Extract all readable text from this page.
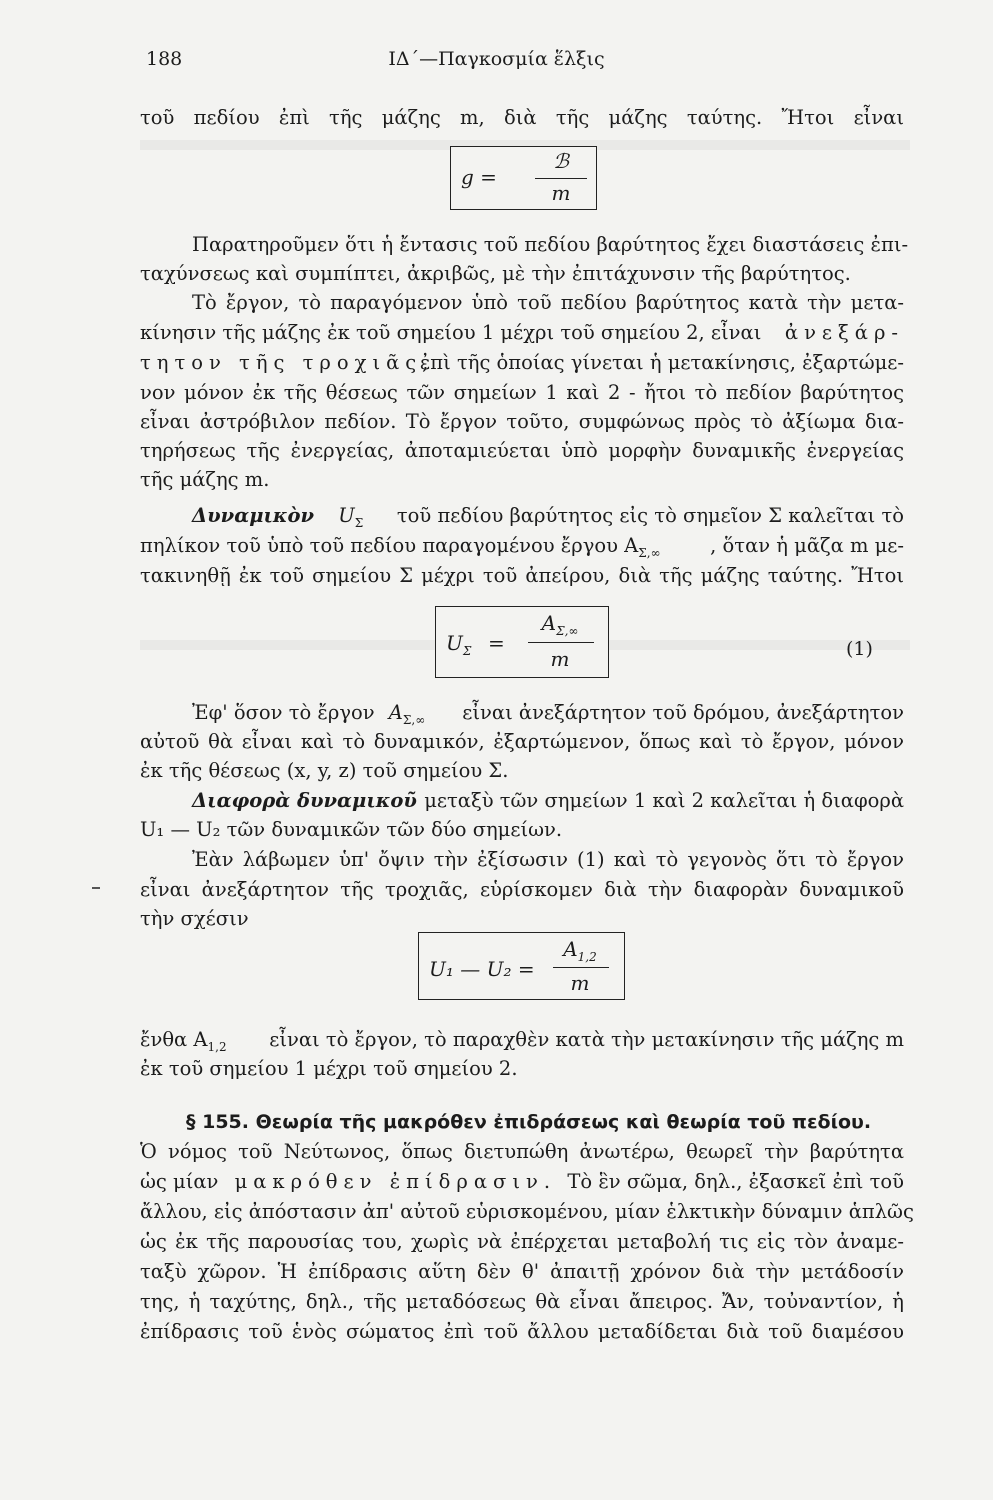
188	ΙΔ΄—Παγκοσμία ἕλξις
τοῦ πεδίου ἐπὶ τῆς μάζης m, διὰ τῆς μάζης ταύτης. Ἤτοι εἶναι
g =
ℬ
m
Παρατηροῦμεν ὅτι ἡ ἔντασις τοῦ πεδίου βαρύτητος ἔχει διαστάσεις ἐπι-
ταχύνσεως καὶ συμπίπτει, ἀκριβῶς, μὲ τὴν ἐπιτάχυνσιν τῆς βαρύτητος.
Τὸ ἔργον, τὸ παραγόμενον ὑπὸ τοῦ πεδίου βαρύτητος κατὰ τὴν μετα-
κίνησιν τῆς μάζης ἐκ τοῦ σημείου 1 μέχρι τοῦ σημείου 2, εἶναι ἀνεξάρ-
τητον τῆς τροχιᾶς,
ἐπὶ τῆς ὁποίας γίνεται ἡ μετακίνησις, ἐξαρτώμε-
νον μόνον ἐκ τῆς θέσεως τῶν σημείων 1 καὶ 2 - ἤτοι τὸ πεδίον βαρύτητος
εἶναι ἀστρόβιλον πεδίον. Τὸ ἔργον τοῦτο, συμφώνως πρὸς τὸ ἀξίωμα δια-
τηρήσεως τῆς ἐνεργείας, ἀποταμιεύεται ὑπὸ μορφὴν δυναμικῆς ἐνεργείας
τῆς μάζης m.
Δυναμικὸν $U_\Sigma$ τοῦ πεδίου βαρύτητος εἰς τὸ σημεῖον Σ καλεῖται τὸ
πηλίκον τοῦ ὑπὸ τοῦ πεδίου παραγομένου ἔργου $A_{\Sigma,\infty}$	, ὅταν ἡ μᾶζα m με-
τακινηθῇ ἐκ τοῦ σημείου Σ μέχρι τοῦ ἀπείρου, διὰ τῆς μάζης ταύτης. Ἤτοι
$U_\Sigma$ =
$A_{\Sigma,\infty}$
m	(1)
Ἐφ' ὅσον τὸ ἔργον $A_{\Sigma,\infty}$ εἶναι ἀνεξάρτητον τοῦ δρόμου, ἀνεξάρτητον
αὐτοῦ θὰ εἶναι καὶ τὸ δυναμικόν, ἐξαρτώμενον, ὅπως καὶ τὸ ἔργον, μόνον
ἐκ τῆς θέσεως (x, y, z) τοῦ σημείου Σ.
Διαφορὰ δυναμικοῦ μεταξὺ τῶν σημείων 1 καὶ 2 καλεῖται ἡ διαφορὰ
U₁ — U₂ τῶν δυναμικῶν τῶν δύο σημείων.
Ἐὰν λάβωμεν ὑπ' ὄψιν τὴν ἐξίσωσιν (1) καὶ τὸ γεγονὸς ὅτι τὸ ἔργον
εἶναι ἀνεξάρτητον τῆς τροχιᾶς, εὑρίσκομεν διὰ τὴν διαφορὰν δυναμικοῦ
τὴν σχέσιν
U₁ — U₂ =
$A_{1,2}$
m
ἔνθα $A_{1,2}$ εἶναι τὸ ἔργον, τὸ παραχθὲν κατὰ τὴν μετακίνησιν τῆς μάζης m
ἐκ τοῦ σημείου 1 μέχρι τοῦ σημείου 2.
§ 155. Θεωρία τῆς μακρόθεν ἐπιδράσεως καὶ θεωρία τοῦ πεδίου.
Ὁ νόμος τοῦ Νεύτωνος, ὅπως διετυπώθη ἀνωτέρω, θεωρεῖ τὴν βαρύτητα
ὡς μίαν μακρόθεν ἐπίδρασιν. Τὸ ἓν σῶμα, δηλ., ἐξασκεῖ ἐπὶ τοῦ
ἄλλου, εἰς ἀπόστασιν ἀπ' αὐτοῦ εὑρισκομένου, μίαν ἑλκτικὴν δύναμιν ἁπλῶς
ὡς ἐκ τῆς παρουσίας του, χωρὶς νὰ ἐπέρχεται μεταβολή τις εἰς τὸν ἀναμε-
ταξὺ χῶρον. Ἡ ἐπίδρασις αὕτη δὲν θ' ἀπαιτῇ χρόνον διὰ τὴν μετάδοσίν
της, ἡ ταχύτης, δηλ., τῆς μεταδόσεως θὰ εἶναι ἄπειρος. Ἄν, τοὐναντίον, ἡ
ἐπίδρασις τοῦ ἑνὸς σώματος ἐπὶ τοῦ ἄλλου μεταδίδεται διὰ τοῦ διαμέσου
